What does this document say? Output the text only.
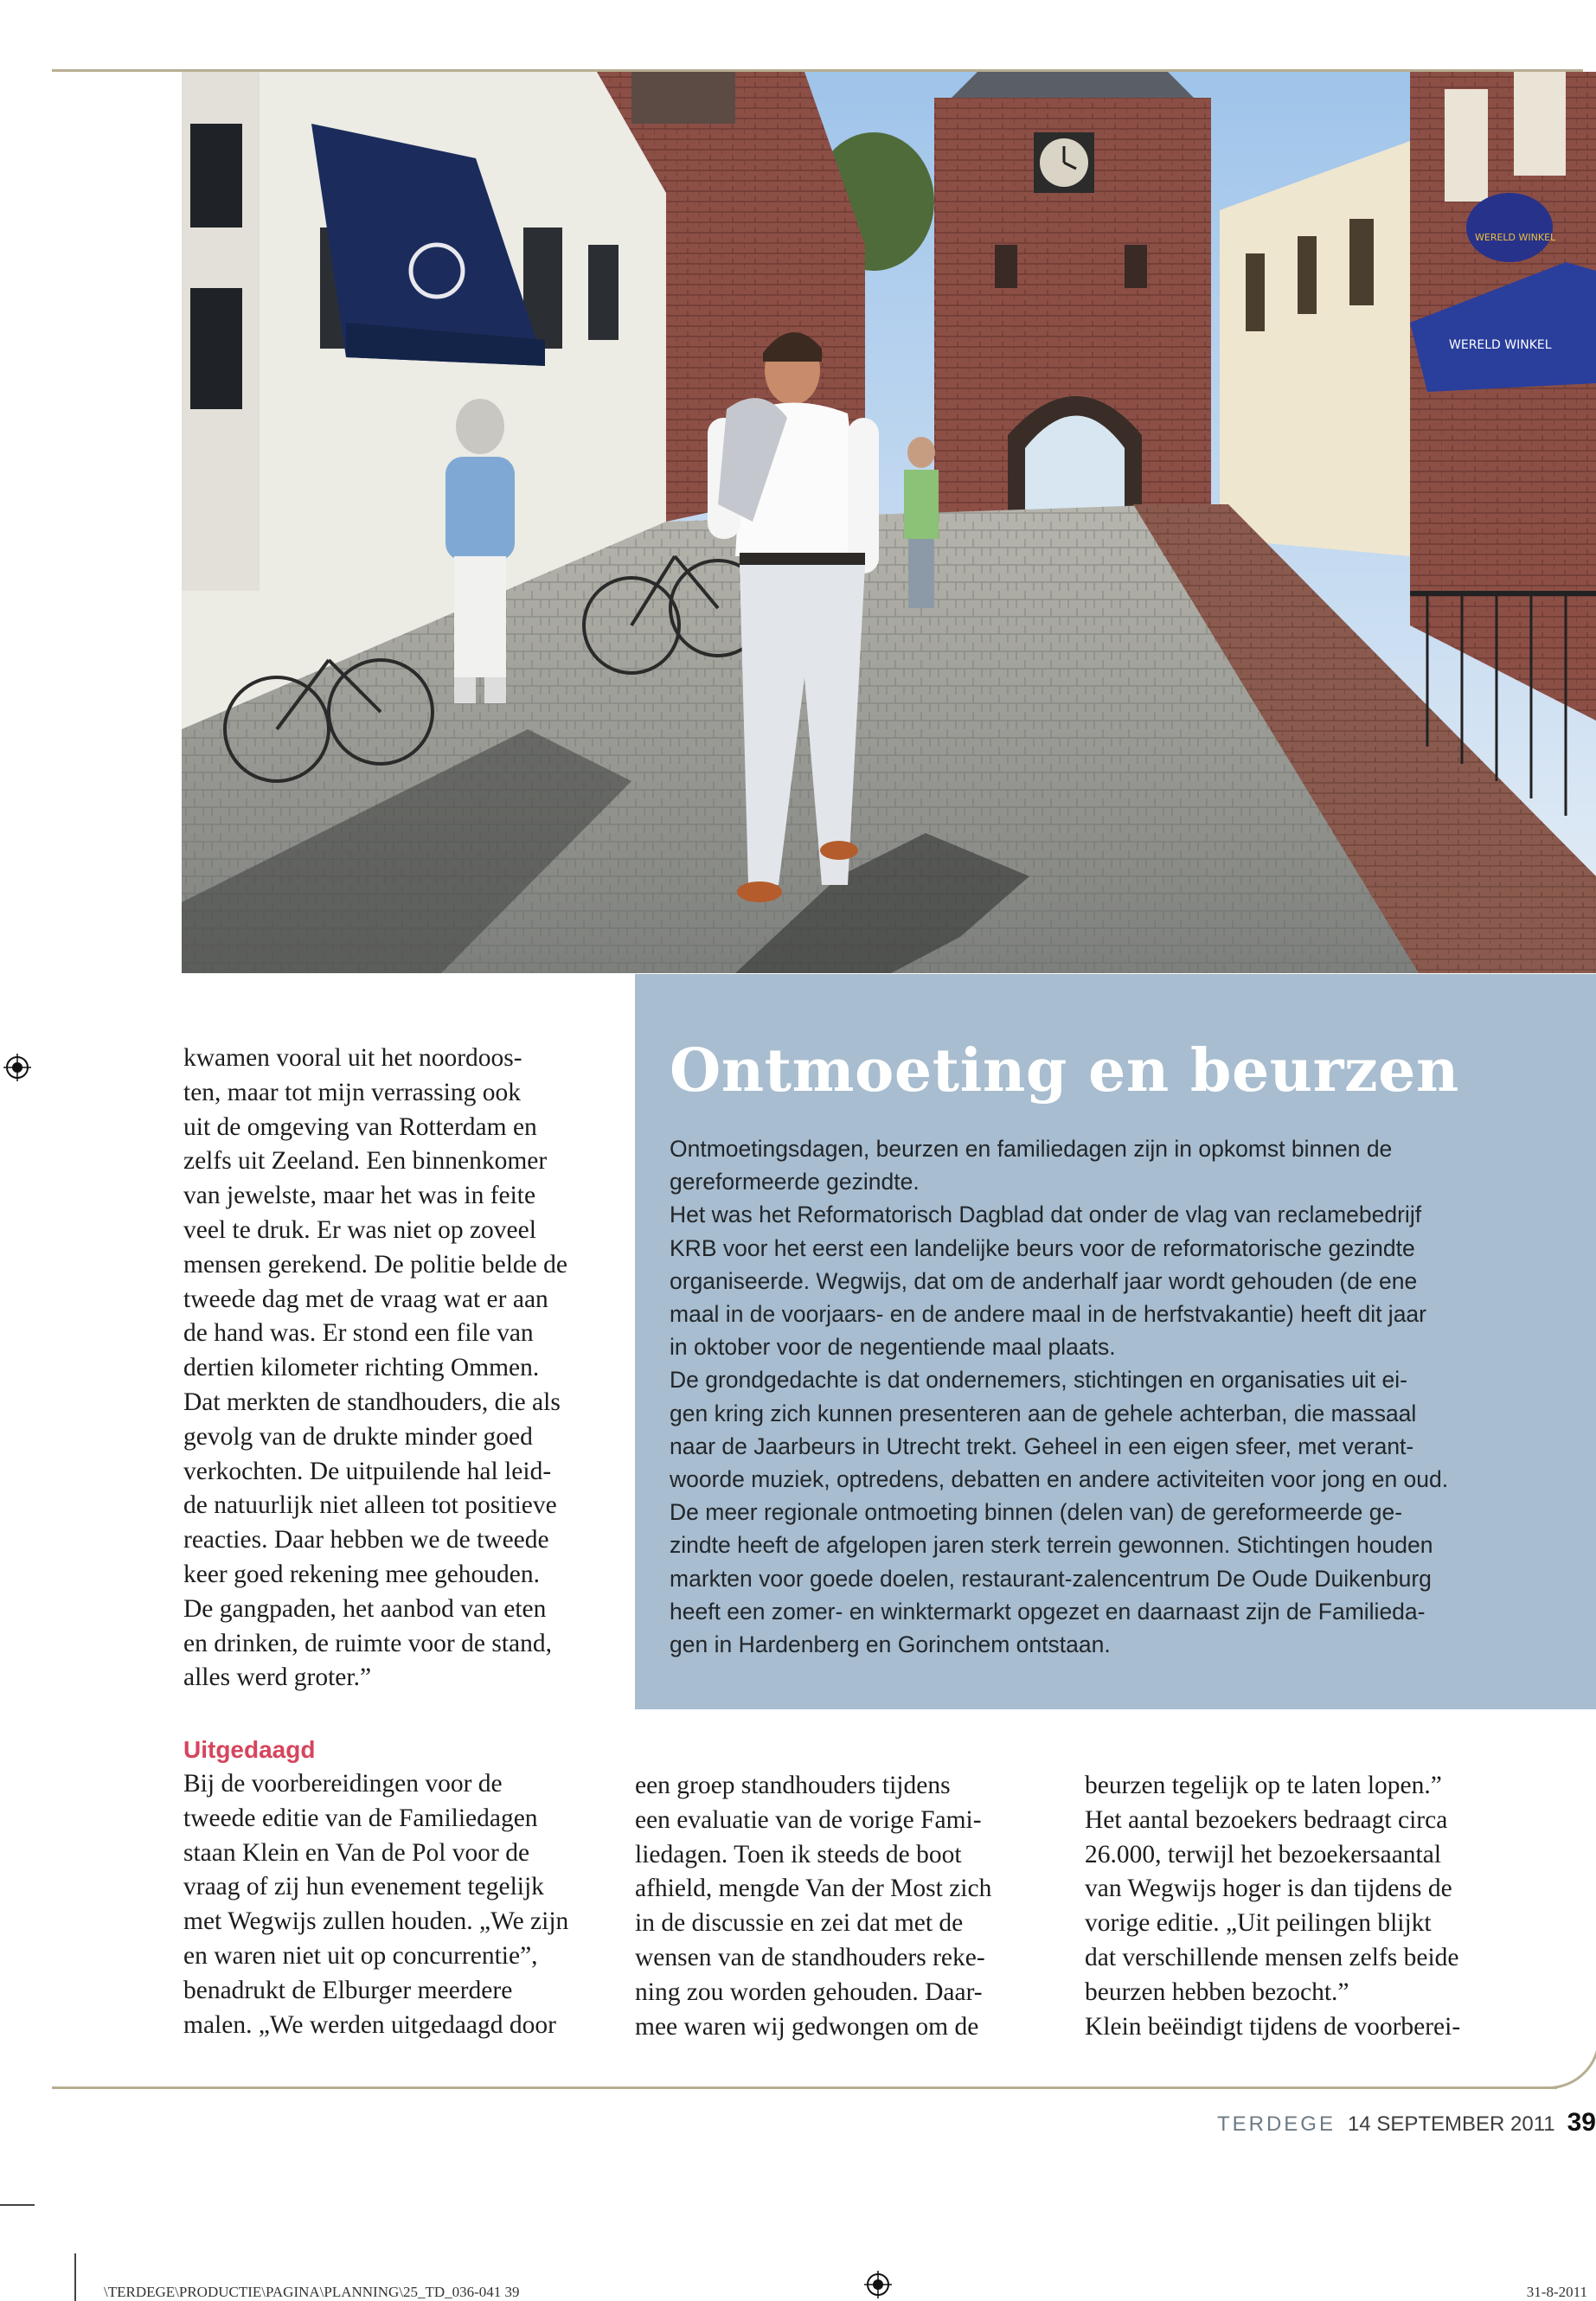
WERELD WINKEL
WERELD WINKEL

kwamen vooral uit het noordoos-

ten, maar tot mijn verrassing ook

uit de omgeving van Rotterdam en

zelfs uit Zeeland. Een binnenkomer

van jewelste, maar het was in feite

veel te druk. Er was niet op zoveel

mensen gerekend. De politie belde de

tweede dag met de vraag wat er aan

de hand was. Er stond een file van

dertien kilometer richting Ommen.

Dat merkten de standhouders, die als

gevolg van de drukte minder goed

verkochten. De uitpuilende hal leid-

de natuurlijk niet alleen tot positieve

reacties. Daar hebben we de tweede

keer goed rekening mee gehouden.

De gangpaden, het aanbod van eten

en drinken, de ruimte voor de stand,

alles werd groter.”

Ontmoeting en beurzen

Ontmoetingsdagen, beurzen en familiedagen zijn in opkomst binnen de

gereformeerde gezindte.

Het was het Reformatorisch Dagblad dat onder de vlag van reclamebedrijf

KRB voor het eerst een landelijke beurs voor de reformatorische gezindte

organiseerde. Wegwijs, dat om de anderhalf jaar wordt gehouden (de ene

maal in de voorjaars- en de andere maal in de herfstvakantie) heeft dit jaar

in oktober voor de negentiende maal plaats.

De grondgedachte is dat ondernemers, stichtingen en organisaties uit ei-

gen kring zich kunnen presenteren aan de gehele achterban, die massaal

naar de Jaarbeurs in Utrecht trekt. Geheel in een eigen sfeer, met verant-

woorde muziek, optredens, debatten en andere activiteiten voor jong en oud.

De meer regionale ontmoeting binnen (delen van) de gereformeerde ge-

zindte heeft de afgelopen jaren sterk terrein gewonnen. Stichtingen houden

markten voor goede doelen, restaurant-zalencentrum De Oude Duikenburg

heeft een zomer- en winktermarkt opgezet en daarnaast zijn de Familieda-

gen in Hardenberg en Gorinchem ontstaan.

Uitgedaagd

Bij de voorbereidingen voor de

tweede editie van de Familiedagen

staan Klein en Van de Pol voor de

vraag of zij hun evenement tegelijk

met Wegwijs zullen houden. „We zijn

en waren niet uit op concurrentie”,

benadrukt de Elburger meerdere

malen. „We werden uitgedaagd door

een groep standhouders tijdens

een evaluatie van de vorige Fami-

liedagen. Toen ik steeds de boot

afhield, mengde Van der Most zich

in de discussie en zei dat met de

wensen van de standhouders reke-

ning zou worden gehouden. Daar-

mee waren wij gedwongen om de

beurzen tegelijk op te laten lopen.”

Het aantal bezoekers bedraagt circa

26.000, terwijl het bezoekersaantal

van Wegwijs hoger is dan tijdens de

vorige editie. „Uit peilingen blijkt

dat verschillende mensen zelfs beide

beurzen hebben bezocht.”

Klein beëindigt tijdens de voorberei-

TERDEGE 14 SEPTEMBER 2011 39
\TERDEGE\PRODUCTIE\PAGINA\PLANNING\25_TD_036-041 39	31-8-2011
